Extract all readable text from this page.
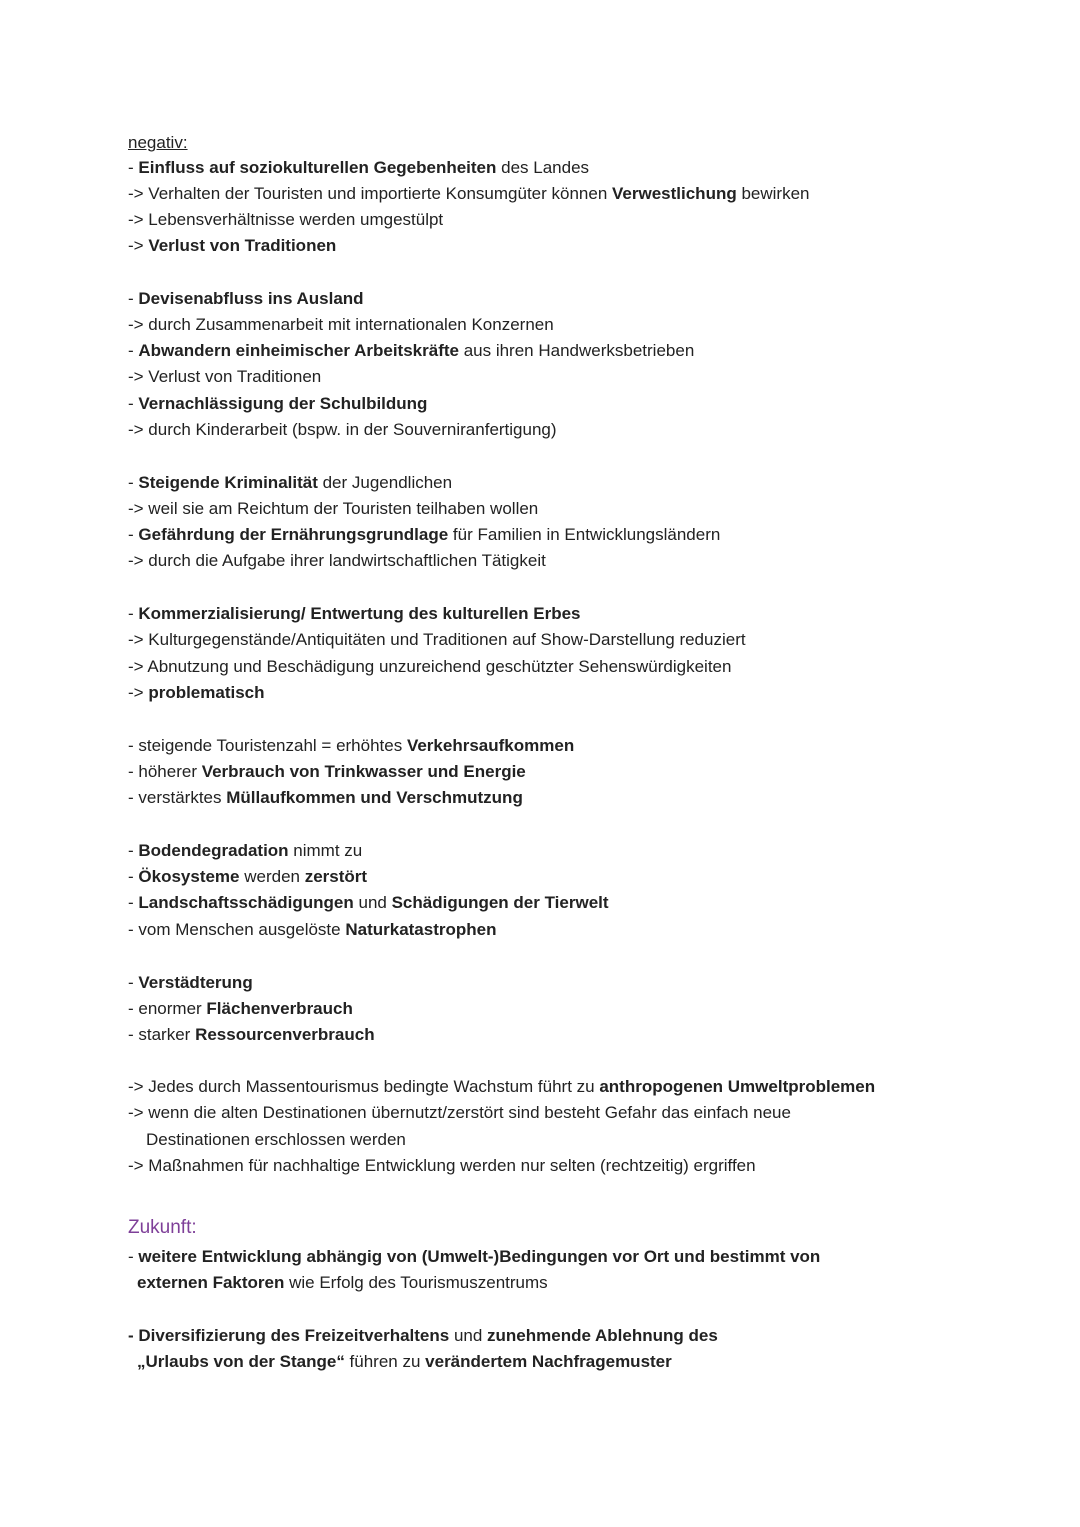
negativ:
- Einfluss auf soziokulturellen Gegebenheiten des Landes
-> Verhalten der Touristen und importierte Konsumgüter können Verwestlichung bewirken
-> Lebensverhältnisse werden umgestülpt
-> Verlust von Traditionen
- Devisenabfluss ins Ausland
-> durch Zusammenarbeit mit internationalen Konzernen
- Abwandern einheimischer Arbeitskräfte aus ihren Handwerksbetrieben
-> Verlust von Traditionen
- Vernachlässigung der Schulbildung
-> durch Kinderarbeit (bspw. in der Souverniranfertigung)
- Steigende Kriminalität der Jugendlichen
-> weil sie am Reichtum der Touristen teilhaben wollen
- Gefährdung der Ernährungsgrundlage für Familien in Entwicklungsländern
-> durch die Aufgabe ihrer landwirtschaftlichen Tätigkeit
- Kommerzialisierung/ Entwertung des kulturellen Erbes
-> Kulturgegenstände/Antiquitäten und Traditionen auf Show-Darstellung reduziert
-> Abnutzung und Beschädigung unzureichend geschützter Sehenswürdigkeiten
-> problematisch
- steigende Touristenzahl = erhöhtes Verkehrsaufkommen
- höherer Verbrauch von Trinkwasser und Energie
- verstärktes Müllaufkommen und Verschmutzung
- Bodendegradation nimmt zu
- Ökosysteme werden zerstört
- Landschaftsschädigungen und Schädigungen der Tierwelt
- vom Menschen ausgelöste Naturkatastrophen
- Verstädterung
- enormer Flächenverbrauch
- starker Ressourcenverbrauch
-> Jedes durch Massentourismus bedingte Wachstum führt zu anthropogenen Umweltproblemen
-> wenn die alten Destinationen übernutzt/zerstört sind besteht Gefahr das einfach neue
Destinationen erschlossen werden
-> Maßnahmen für nachhaltige Entwicklung werden nur selten (rechtzeitig) ergriffen
Zukunft:
- weitere Entwicklung abhängig von (Umwelt-)Bedingungen vor Ort und bestimmt von
externen Faktoren wie Erfolg des Tourismuszentrums
- Diversifizierung des Freizeitverhaltens und zunehmende Ablehnung des
„Urlaubs von der Stange“ führen zu verändertem Nachfragemuster
